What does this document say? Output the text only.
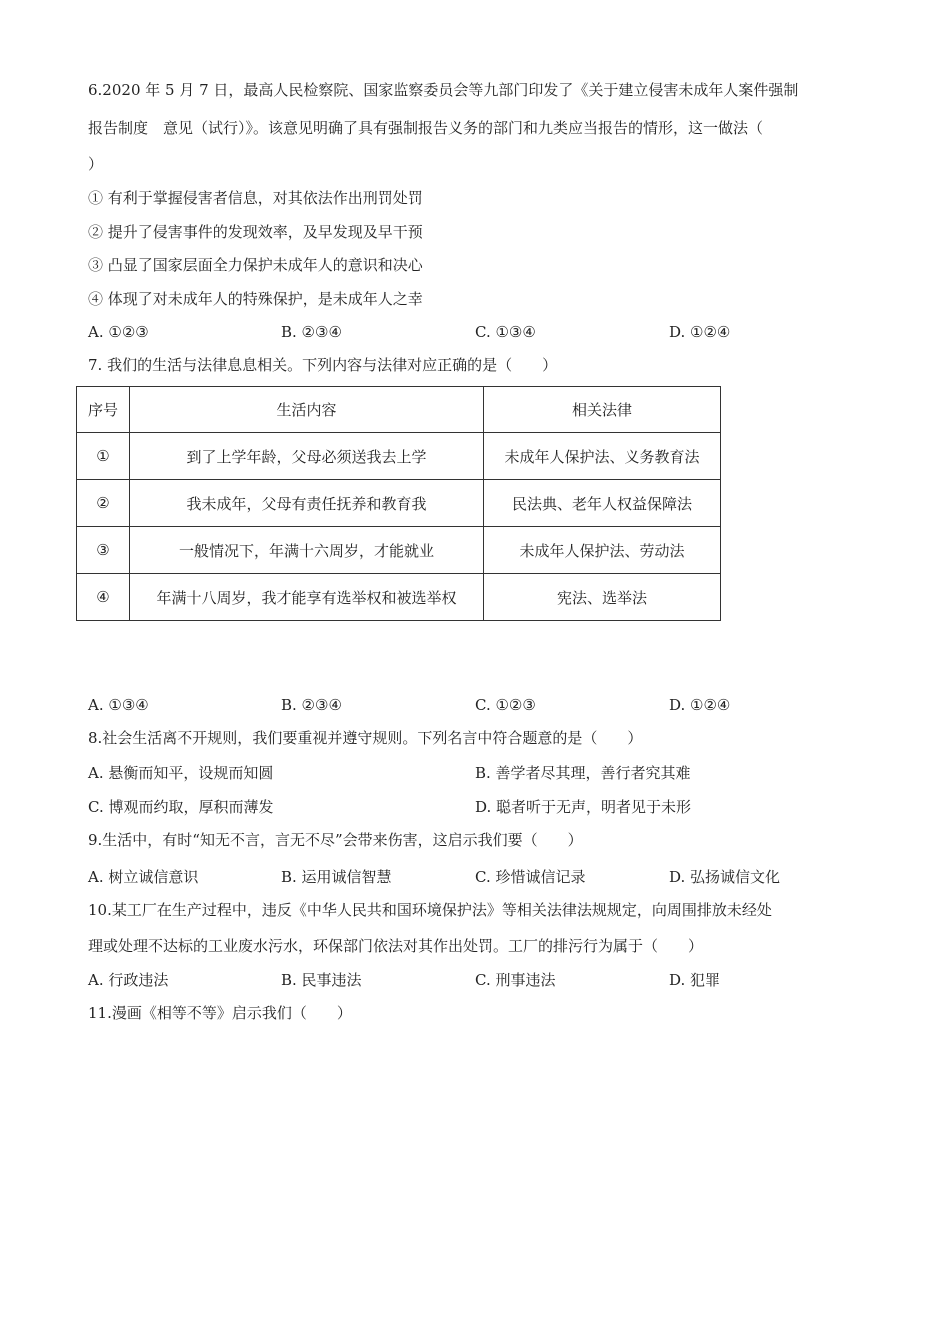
6.2020 年 5 月 7 日，最高人民检察院、国家监察委员会等九部门印发了《关于建立侵害未成年人案件强制
报告制度　意见（试行）》。该意见明确了具有强制报告义务的部门和九类应当报告的情形，这一做法（
）
① 有利于掌握侵害者信息，对其依法作出刑罚处罚
② 提升了侵害事件的发现效率，及早发现及早干预
③ 凸显了国家层面全力保护未成年人的意识和决心
④ 体现了对未成年人的特殊保护，是未成年人之幸
A. ①②③	B. ②③④	C. ①③④	D. ①②④
7. 我们的生活与法律息息相关。下列内容与法律对应正确的是（　　）
序号	生活内容	相关法律
①	到了上学年龄，父母必须送我去上学	未成年人保护法、义务教育法
②	我未成年，父母有责任抚养和教育我	民法典、老年人权益保障法
③	一般情况下，年满十六周岁，才能就业	未成年人保护法、劳动法
④	年满十八周岁，我才能享有选举权和被选举权	宪法、选举法
A. ①③④	B. ②③④	C. ①②③	D. ①②④
8.社会生活离不开规则，我们要重视并遵守规则。下列名言中符合题意的是（　　）
A. 悬衡而知平，设规而知圆	B. 善学者尽其理，善行者究其难
C. 博观而约取，厚积而薄发	D. 聪者听于无声，明者见于未形
9.生活中，有时“知无不言，言无不尽”会带来伤害，这启示我们要（　　）
A. 树立诚信意识	B. 运用诚信智慧	C. 珍惜诚信记录	D. 弘扬诚信文化
10.某工厂在生产过程中，违反《中华人民共和国环境保护法》等相关法律法规规定，向周围排放未经处
理或处理不达标的工业废水污水，环保部门依法对其作出处罚。工厂的排污行为属于（　　）
A. 行政违法	B. 民事违法	C. 刑事违法	D. 犯罪
11.漫画《相等不等》启示我们（　　）
